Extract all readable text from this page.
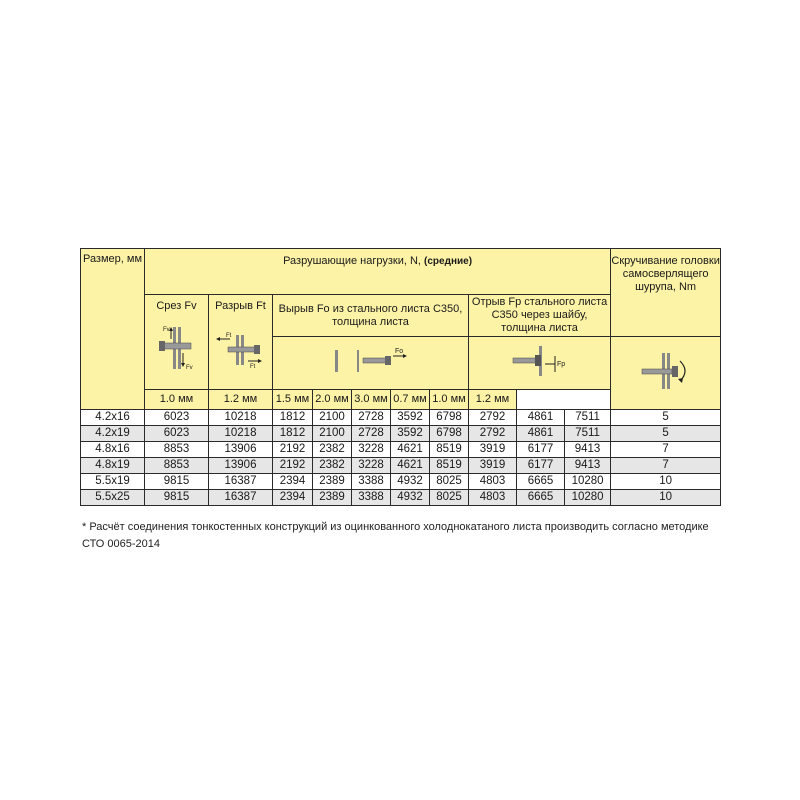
Размер, мм	Разрушающие нагрузки, N, (средние)										Скручивание головки самосверлящего шурупа, Nm

	Срез Fv
Fv
Fv	Разрыв Ft
Ft
Ft	Вырыв Fo из стального листа С350, толщина листа					Отрыв Fp стального листа С350 через шайбу, толщина листа			

Fo					Fp

	1.0 мм	1.2 мм	1.5 мм	2.0 мм	3.0 мм	0.7 мм	1.0 мм	1.2 мм			
4.2x16	6023	10218	1812	2100	2728	3592	6798	2792	4861	7511	5
4.2x19	6023	10218	1812	2100	2728	3592	6798	2792	4861	7511	5
4.8x16	8853	13906	2192	2382	3228	4621	8519	3919	6177	9413	7
4.8x19	8853	13906	2192	2382	3228	4621	8519	3919	6177	9413	7
5.5x19	9815	16387	2394	2389	3388	4932	8025	4803	6665	10280	10
5.5x25	9815	16387	2394	2389	3388	4932	8025	4803	6665	10280	10
* Расчёт соединения тонкостенных конструкций из оцинкованного холоднокатаного листа производить согласно методике СТО 0065-2014
